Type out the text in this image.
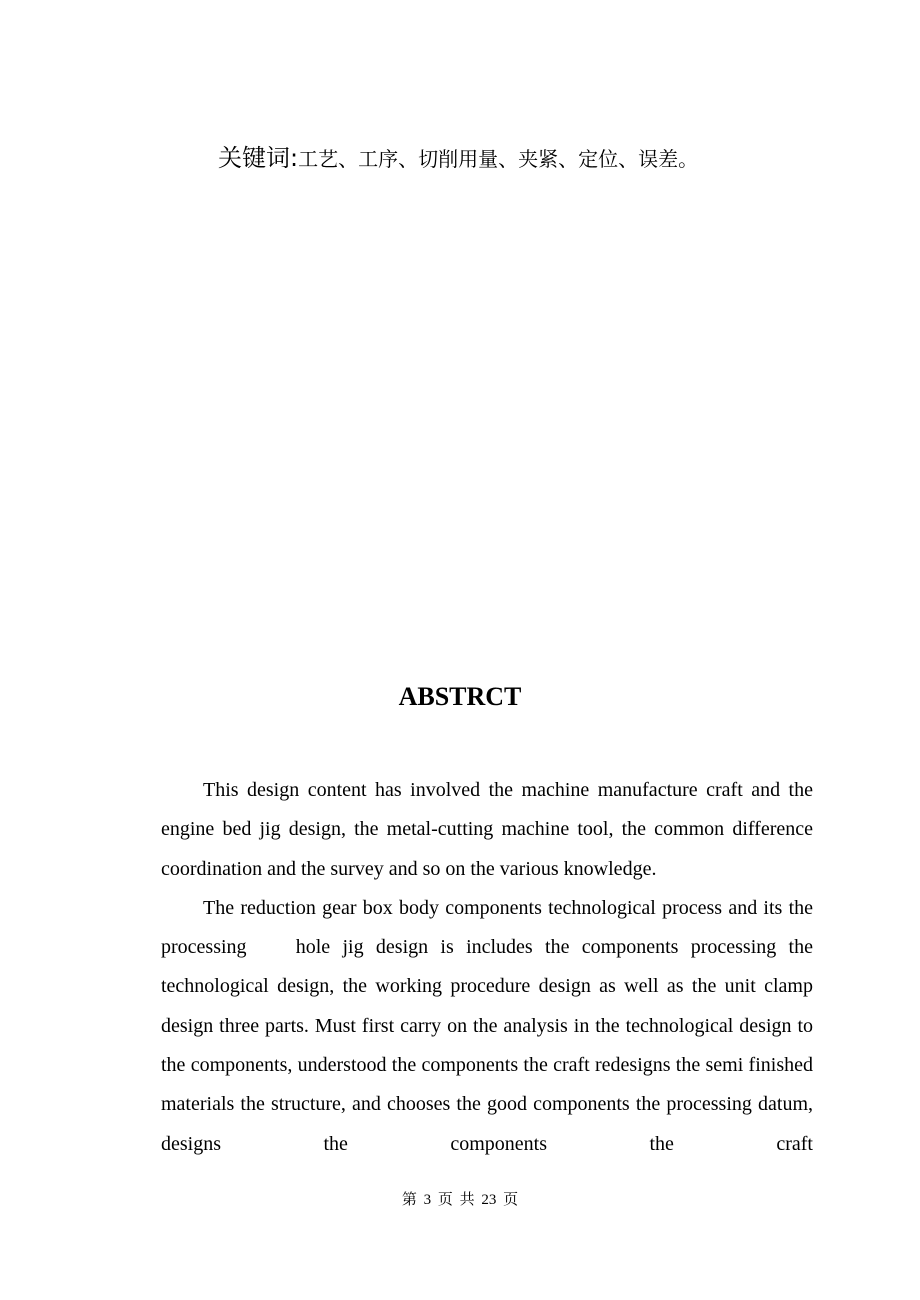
关键词:工艺、工序、切削用量、夹紧、定位、误差。
ABSTRCT

This design content has involved the machine manufacture craft and the engine bed jig design, the metal-cutting machine tool, the common difference coordination and the survey and so on the various knowledge.

The reduction gear box body components technological process and its the processing    hole jig design is includes the components processing the technological design, the working procedure design as well as the unit clamp design three parts. Must first carry on the analysis in the technological design to the components, understood the components the craft redesigns the semi finished materials the structure, and chooses the good components the processing datum, designs the components the craft

第 3 页 共 23 页
